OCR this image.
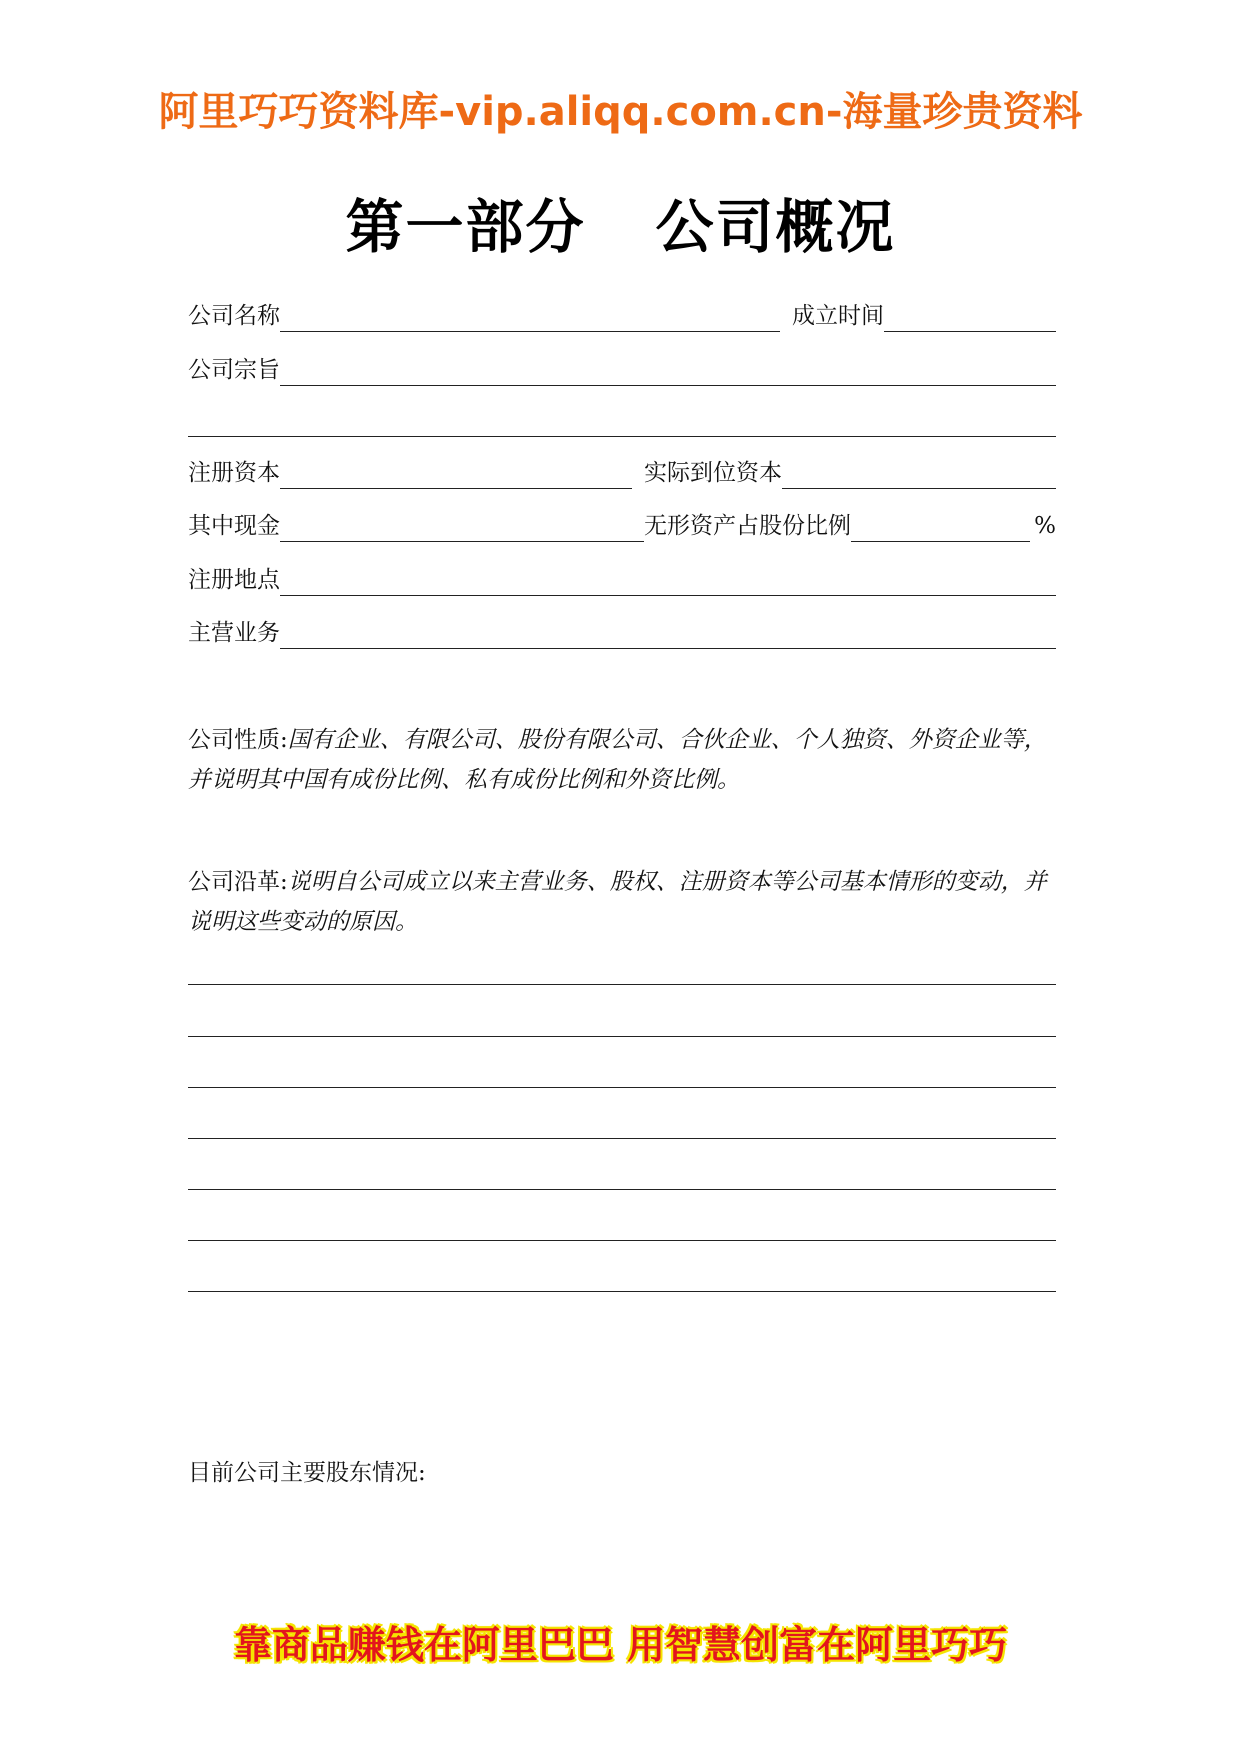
阿里巧巧资料库-vip.aliqq.com.cn-海量珍贵资料
第一部分 公司概况
公司名称	成立时间
公司宗旨
注册资本	实际到位资本
其中现金	无形资产占股份比例	%
注册地点
主营业务
公司性质:国有企业、有限公司、股份有限公司、合伙企业、个人独资、外资企业等，并说明其中国有成份比例、私有成份比例和外资比例。
公司沿革:说明自公司成立以来主营业务、股权、注册资本等公司基本情形的变动，并说明这些变动的原因。
目前公司主要股东情况:
靠商品赚钱在阿里巴巴 用智慧创富在阿里巧巧
